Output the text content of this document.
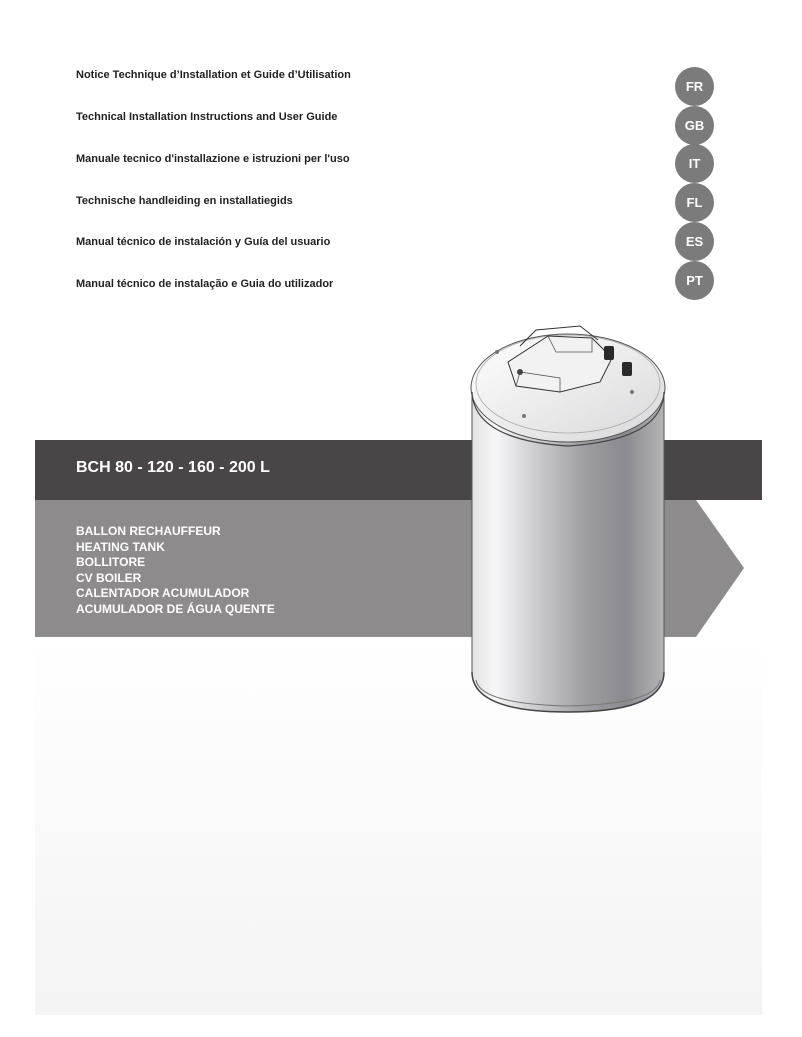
Notice Technique d’Installation et Guide d’Utilisation
Technical Installation Instructions and User Guide
Manuale tecnico d'installazione e istruzioni per l'uso
Technische handleiding en installatiegids
Manual técnico de instalación y Guía del usuario
Manual técnico de instalação e Guia do utilizador
FR
GB
IT
FL
ES
PT
BCH 80 - 120 - 160 - 200 L
BALLON RECHAUFFEUR
HEATING TANK
BOLLITORE
CV BOILER
CALENTADOR ACUMULADOR
ACUMULADOR DE ÁGUA QUENTE
